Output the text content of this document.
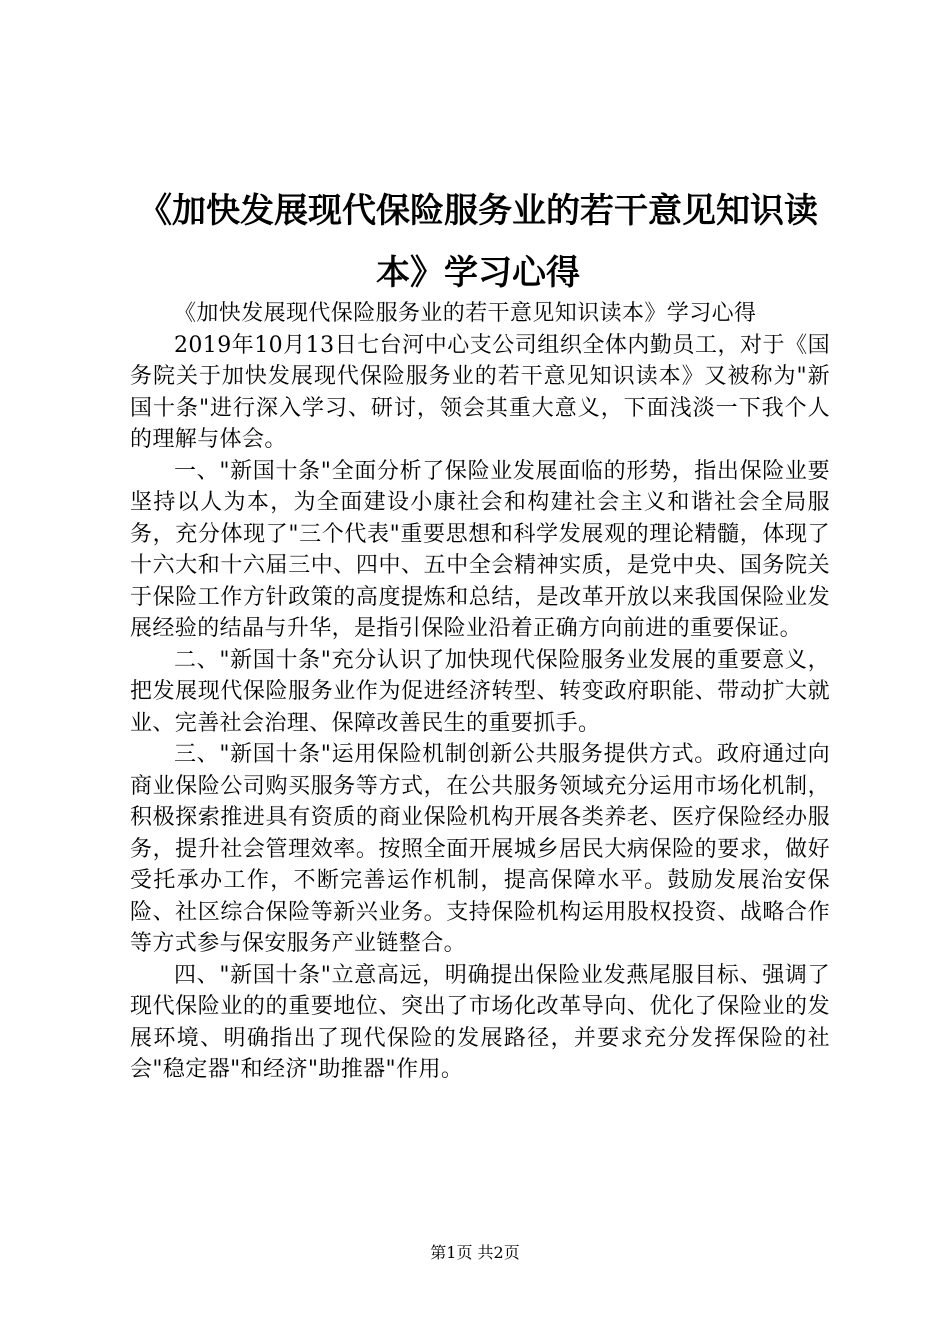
《加快发展现代保险服务业的若干意见知识读本》学习心得

《加快发展现代保险服务业的若干意见知识读本》学习心得

2019年10月13日七台河中心支公司组织全体内勤员工，对于《国务院关于加快发展现代保险服务业的若干意见知识读本》又被称为"新国十条"进行深入学习、研讨，领会其重大意义，下面浅淡一下我个人的理解与体会。

一、"新国十条"全面分析了保险业发展面临的形势，指出保险业要坚持以人为本，为全面建设小康社会和构建社会主义和谐社会全局服务，充分体现了"三个代表"重要思想和科学发展观的理论精髓，体现了十六大和十六届三中、四中、五中全会精神实质，是党中央、国务院关于保险工作方针政策的高度提炼和总结，是改革开放以来我国保险业发展经验的结晶与升华，是指引保险业沿着正确方向前进的重要保证。

二、"新国十条"充分认识了加快现代保险服务业发展的重要意义，把发展现代保险服务业作为促进经济转型、转变政府职能、带动扩大就业、完善社会治理、保障改善民生的重要抓手。

三、"新国十条"运用保险机制创新公共服务提供方式。政府通过向商业保险公司购买服务等方式，在公共服务领域充分运用市场化机制，积极探索推进具有资质的商业保险机构开展各类养老、医疗保险经办服务，提升社会管理效率。按照全面开展城乡居民大病保险的要求，做好受托承办工作，不断完善运作机制，提高保障水平。鼓励发展治安保险、社区综合保险等新兴业务。支持保险机构运用股权投资、战略合作等方式参与保安服务产业链整合。

四、"新国十条"立意高远，明确提出保险业发燕尾服目标、强调了现代保险业的的重要地位、突出了市场化改革导向、优化了保险业的发展环境、明确指出了现代保险的发展路径，并要求充分发挥保险的社会"稳定器"和经济"助推器"作用。

第1页 共2页
